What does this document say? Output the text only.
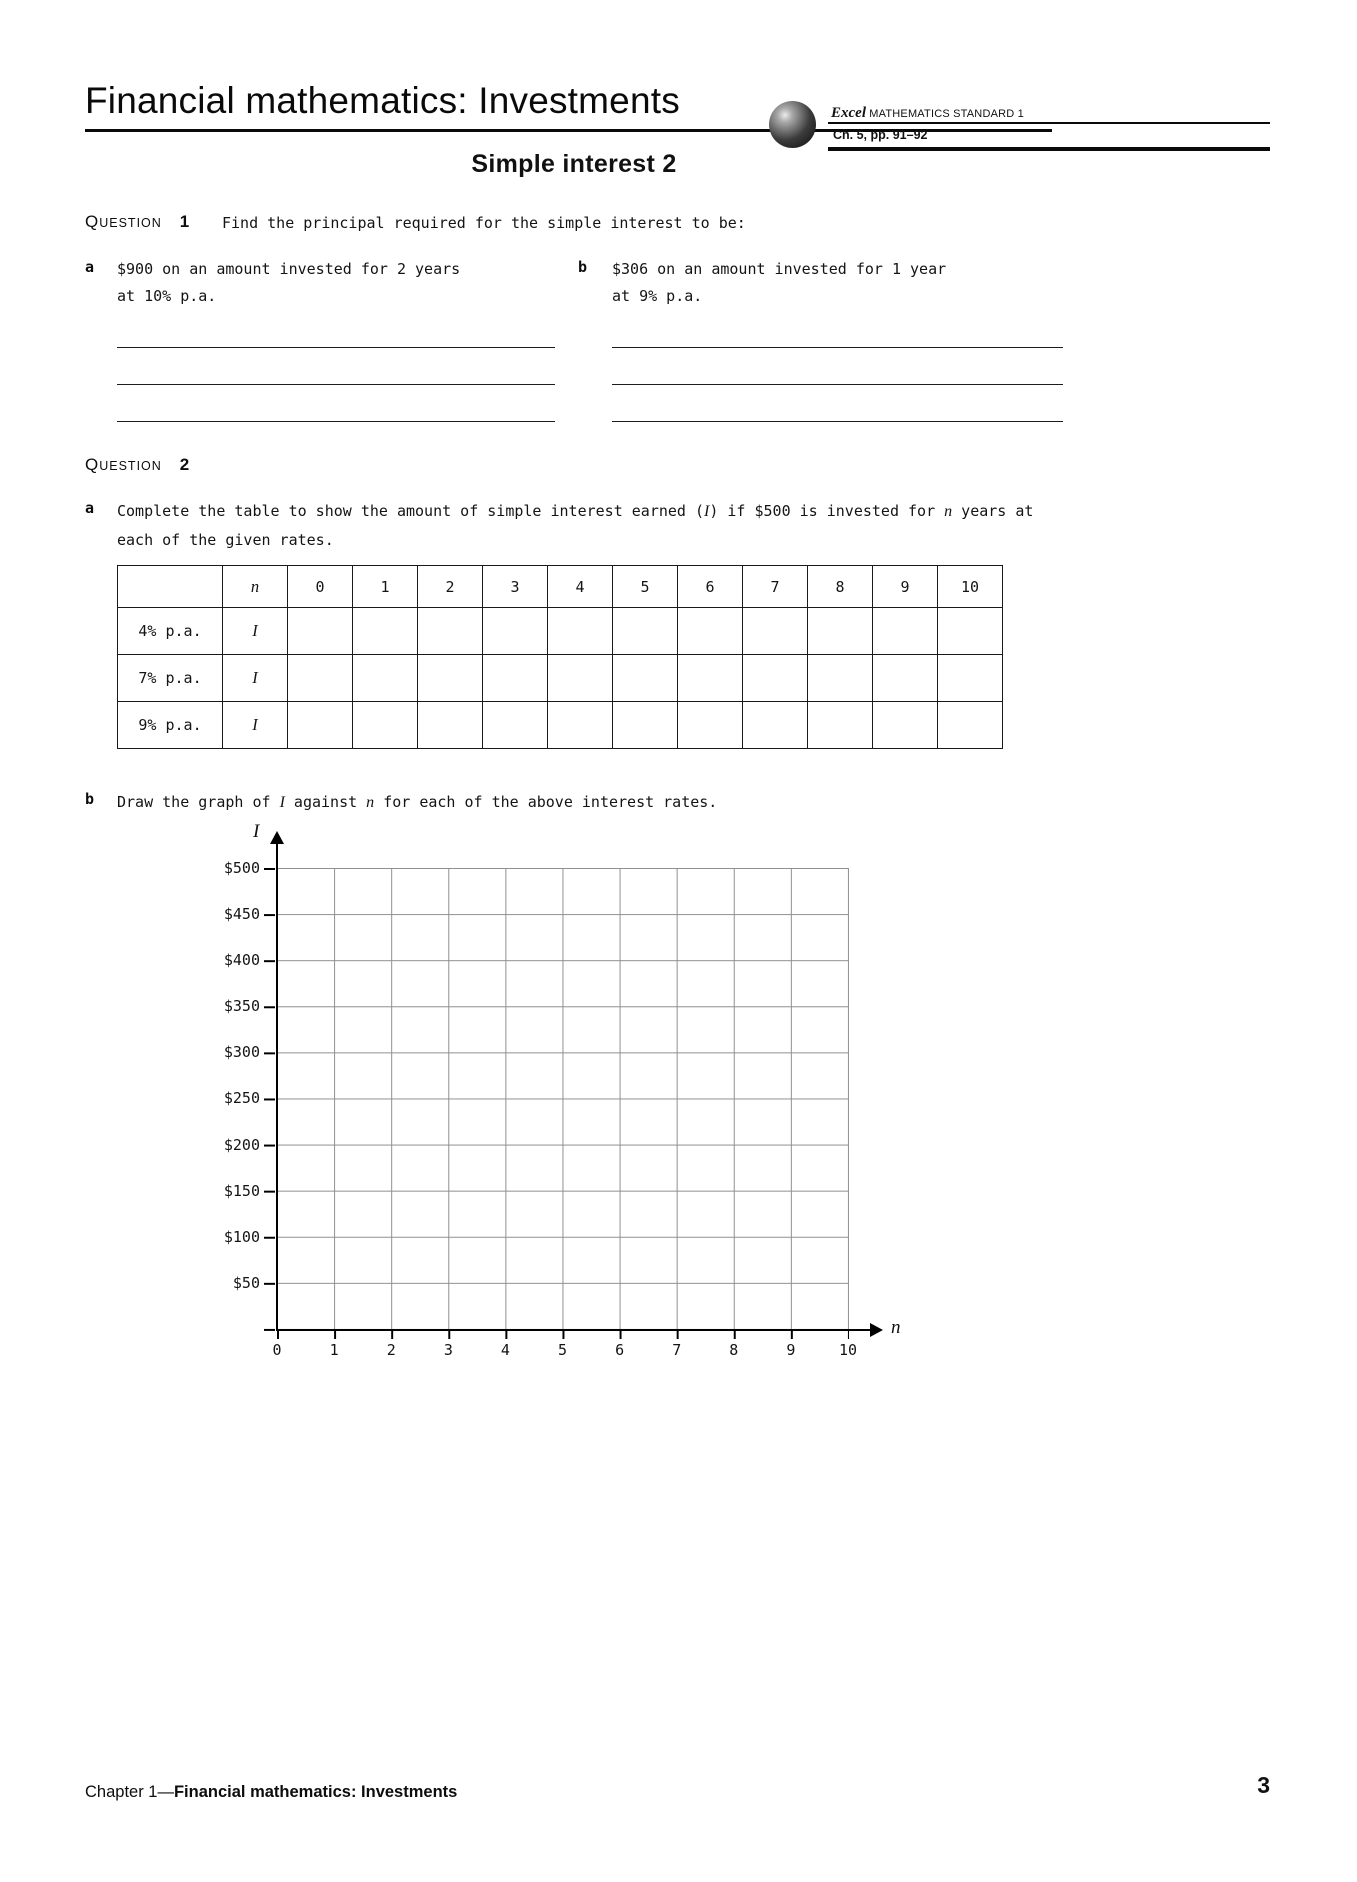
Financial mathematics: Investments	Excel MATHEMATICS STANDARD 1
Ch. 5, pp. 91–92
Simple interest 2
QUESTION 1 Find the principal required for the simple interest to be:
a $900 on an amount invested for 2 years
at 10% p.a.
b $306 on an amount invested for 1 year
at 9% p.a.
QUESTION 2
a Complete the table to show the amount of simple interest earned (I) if $500 is invested for n years at each of the given rates.
	n	0	1	2	3	4	5	6	7	8	9	10
4% p.a.	I											
7% p.a.	I											
9% p.a.	I											
b Draw the graph of I against n for each of the above interest rates.
I
n
$500
$450
$400
$350
$300
$250
$200
$150
$100
$50
0	1	2	3	4	5	6	7	8	9	10
Chapter 1—Financial mathematics: Investments	3
